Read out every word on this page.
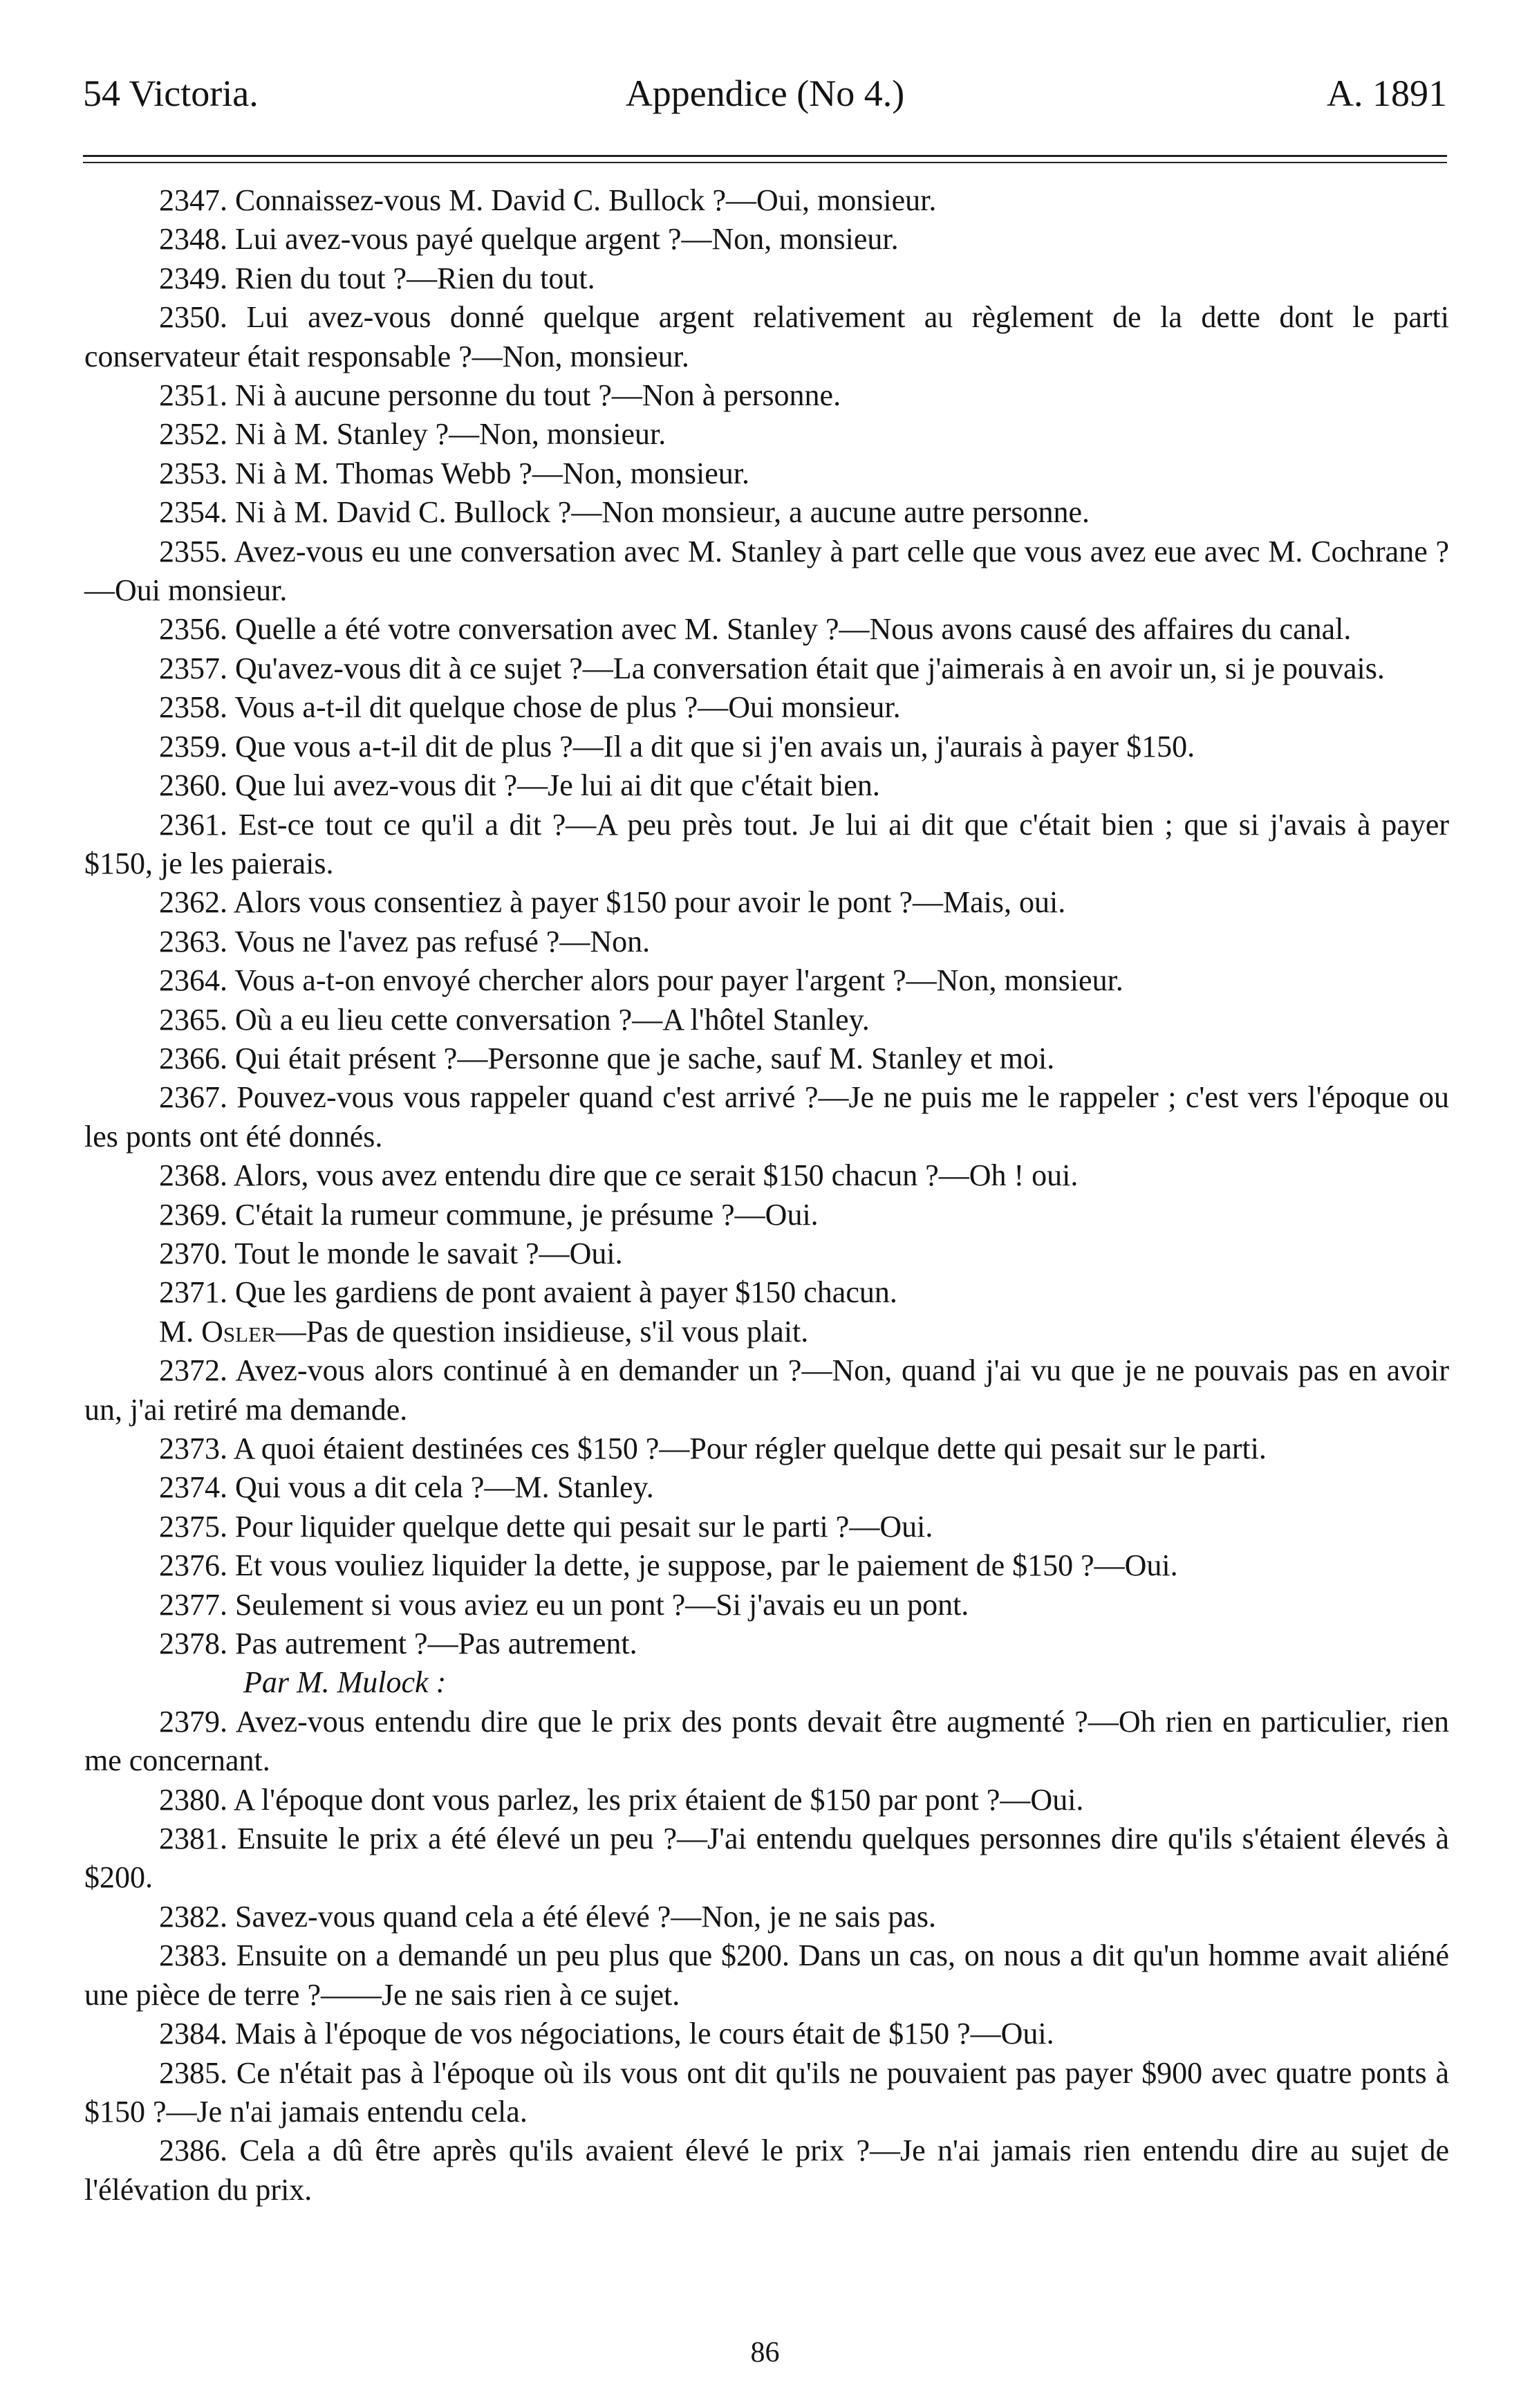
54 Victoria.	Appendice (No 4.)	A. 1891

2347. Connaissez-vous M. David C. Bullock ?—Oui, monsieur.

2348. Lui avez-vous payé quelque argent ?—Non, monsieur.

2349. Rien du tout ?—Rien du tout.

2350. Lui avez-vous donné quelque argent relativement au règlement de la dette dont le parti conservateur était responsable ?—Non, monsieur.

2351. Ni à aucune personne du tout ?—Non à personne.

2352. Ni à M. Stanley ?—Non, monsieur.

2353. Ni à M. Thomas Webb ?—Non, monsieur.

2354. Ni à M. David C. Bullock ?—Non monsieur, a aucune autre personne.

2355. Avez-vous eu une conversation avec M. Stanley à part celle que vous avez eue avec M. Cochrane ?—Oui monsieur.

2356. Quelle a été votre conversation avec M. Stanley ?—Nous avons causé des affaires du canal.

2357. Qu'avez-vous dit à ce sujet ?—La conversation était que j'aimerais à en avoir un, si je pouvais.

2358. Vous a-t-il dit quelque chose de plus ?—Oui monsieur.

2359. Que vous a-t-il dit de plus ?—Il a dit que si j'en avais un, j'aurais à payer $150.

2360. Que lui avez-vous dit ?—Je lui ai dit que c'était bien.

2361. Est-ce tout ce qu'il a dit ?—A peu près tout. Je lui ai dit que c'était bien ; que si j'avais à payer $150, je les paierais.

2362. Alors vous consentiez à payer $150 pour avoir le pont ?—Mais, oui.

2363. Vous ne l'avez pas refusé ?—Non.

2364. Vous a-t-on envoyé chercher alors pour payer l'argent ?—Non, monsieur.

2365. Où a eu lieu cette conversation ?—A l'hôtel Stanley.

2366. Qui était présent ?—Personne que je sache, sauf M. Stanley et moi.

2367. Pouvez-vous vous rappeler quand c'est arrivé ?—Je ne puis me le rappeler ; c'est vers l'époque ou les ponts ont été donnés.

2368. Alors, vous avez entendu dire que ce serait $150 chacun ?—Oh ! oui.

2369. C'était la rumeur commune, je présume ?—Oui.

2370. Tout le monde le savait ?—Oui.

2371. Que les gardiens de pont avaient à payer $150 chacun.

M. Osler—Pas de question insidieuse, s'il vous plait.

2372. Avez-vous alors continué à en demander un ?—Non, quand j'ai vu que je ne pouvais pas en avoir un, j'ai retiré ma demande.

2373. A quoi étaient destinées ces $150 ?—Pour régler quelque dette qui pesait sur le parti.

2374. Qui vous a dit cela ?—M. Stanley.

2375. Pour liquider quelque dette qui pesait sur le parti ?—Oui.

2376. Et vous vouliez liquider la dette, je suppose, par le paiement de $150 ?—Oui.

2377. Seulement si vous aviez eu un pont ?—Si j'avais eu un pont.

2378. Pas autrement ?—Pas autrement.

Par M. Mulock :

2379. Avez-vous entendu dire que le prix des ponts devait être augmenté ?—Oh rien en particulier, rien me concernant.

2380. A l'époque dont vous parlez, les prix étaient de $150 par pont ?—Oui.

2381. Ensuite le prix a été élevé un peu ?—J'ai entendu quelques personnes dire qu'ils s'étaient élevés à $200.

2382. Savez-vous quand cela a été élevé ?—Non, je ne sais pas.

2383. Ensuite on a demandé un peu plus que $200. Dans un cas, on nous a dit qu'un homme avait aliéné une pièce de terre ?——Je ne sais rien à ce sujet.

2384. Mais à l'époque de vos négociations, le cours était de $150 ?—Oui.

2385. Ce n'était pas à l'époque où ils vous ont dit qu'ils ne pouvaient pas payer $900 avec quatre ponts à $150 ?—Je n'ai jamais entendu cela.

2386. Cela a dû être après qu'ils avaient élevé le prix ?—Je n'ai jamais rien entendu dire au sujet de l'élévation du prix.

86
